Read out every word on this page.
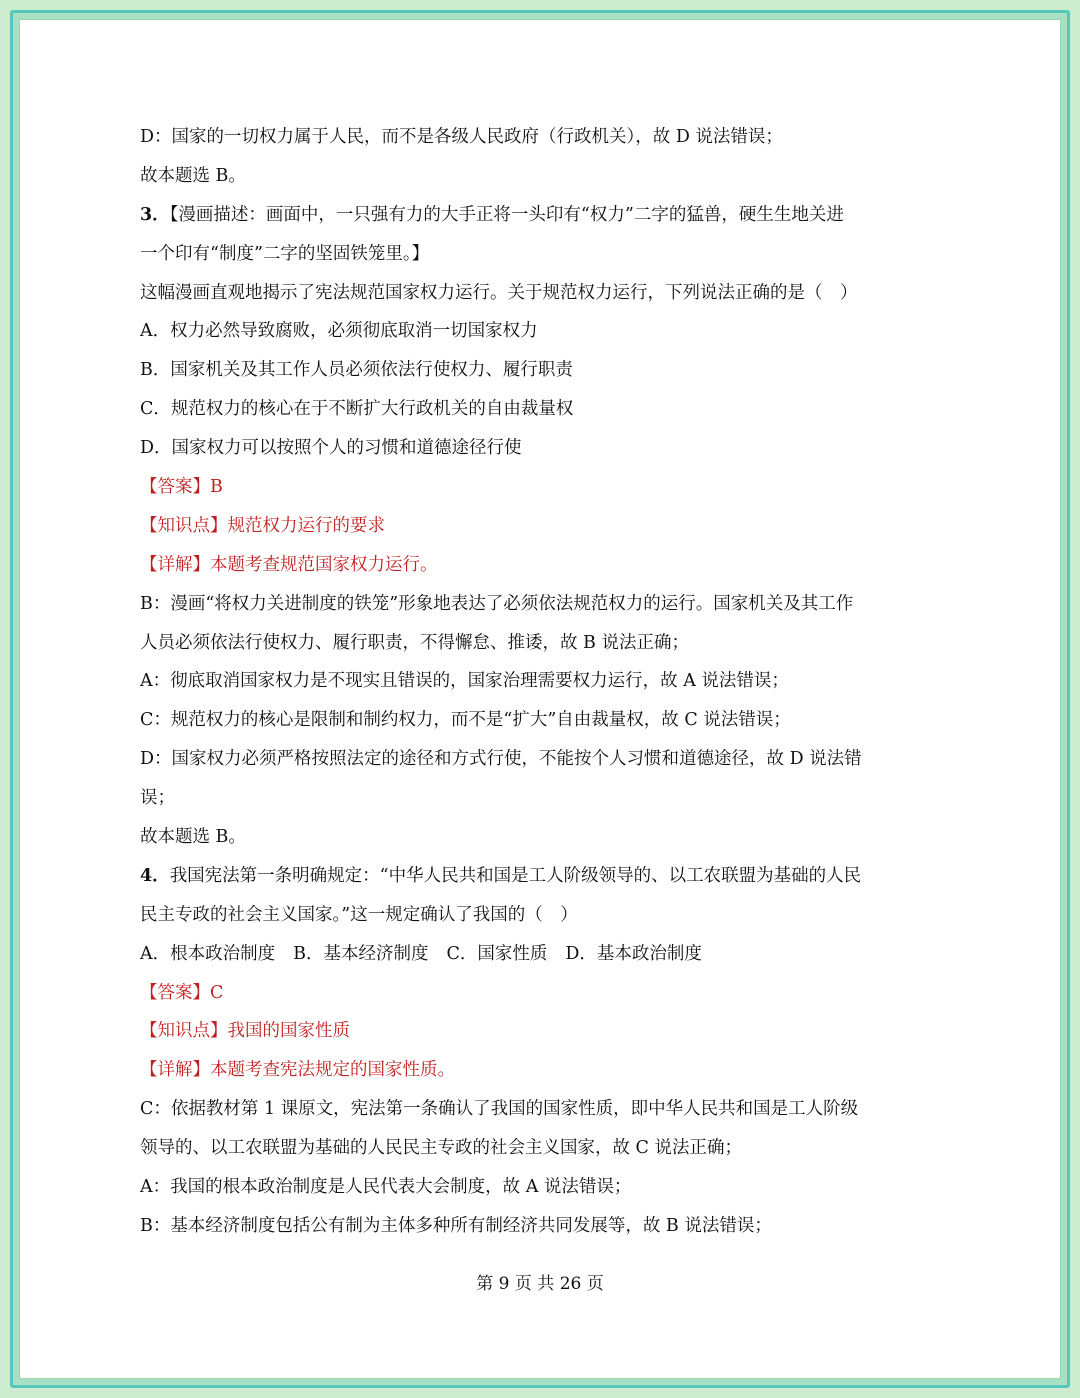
D：国家的一切权力属于人民，而不是各级人民政府（行政机关），故 D 说法错误；
故本题选 B。
3．【漫画描述：画面中，一只强有力的大手正将一头印有“权力”二字的猛兽，硬生生地关进
一个印有“制度”二字的坚固铁笼里。】
这幅漫画直观地揭示了宪法规范国家权力运行。关于规范权力运行，下列说法正确的是（　）
A．权力必然导致腐败，必须彻底取消一切国家权力
B．国家机关及其工作人员必须依法行使权力、履行职责
C．规范权力的核心在于不断扩大行政机关的自由裁量权
D．国家权力可以按照个人的习惯和道德途径行使
【答案】B
【知识点】规范权力运行的要求
【详解】本题考查规范国家权力运行。
B：漫画“将权力关进制度的铁笼”形象地表达了必须依法规范权力的运行。国家机关及其工作
人员必须依法行使权力、履行职责，不得懈怠、推诿，故 B 说法正确；
A：彻底取消国家权力是不现实且错误的，国家治理需要权力运行，故 A 说法错误；
C：规范权力的核心是限制和制约权力，而不是“扩大”自由裁量权，故 C 说法错误；
D：国家权力必须严格按照法定的途径和方式行使，不能按个人习惯和道德途径，故 D 说法错
误；
故本题选 B。
4．我国宪法第一条明确规定：“中华人民共和国是工人阶级领导的、以工农联盟为基础的人民
民主专政的社会主义国家。”这一规定确认了我国的（　）
A．根本政治制度 B．基本经济制度 C．国家性质 D．基本政治制度
【答案】C
【知识点】我国的国家性质
【详解】本题考查宪法规定的国家性质。
C：依据教材第 1 课原文，宪法第一条确认了我国的国家性质，即中华人民共和国是工人阶级
领导的、以工农联盟为基础的人民民主专政的社会主义国家，故 C 说法正确；
A：我国的根本政治制度是人民代表大会制度，故 A 说法错误；
B：基本经济制度包括公有制为主体多种所有制经济共同发展等，故 B 说法错误；
第 9 页 共 26 页
